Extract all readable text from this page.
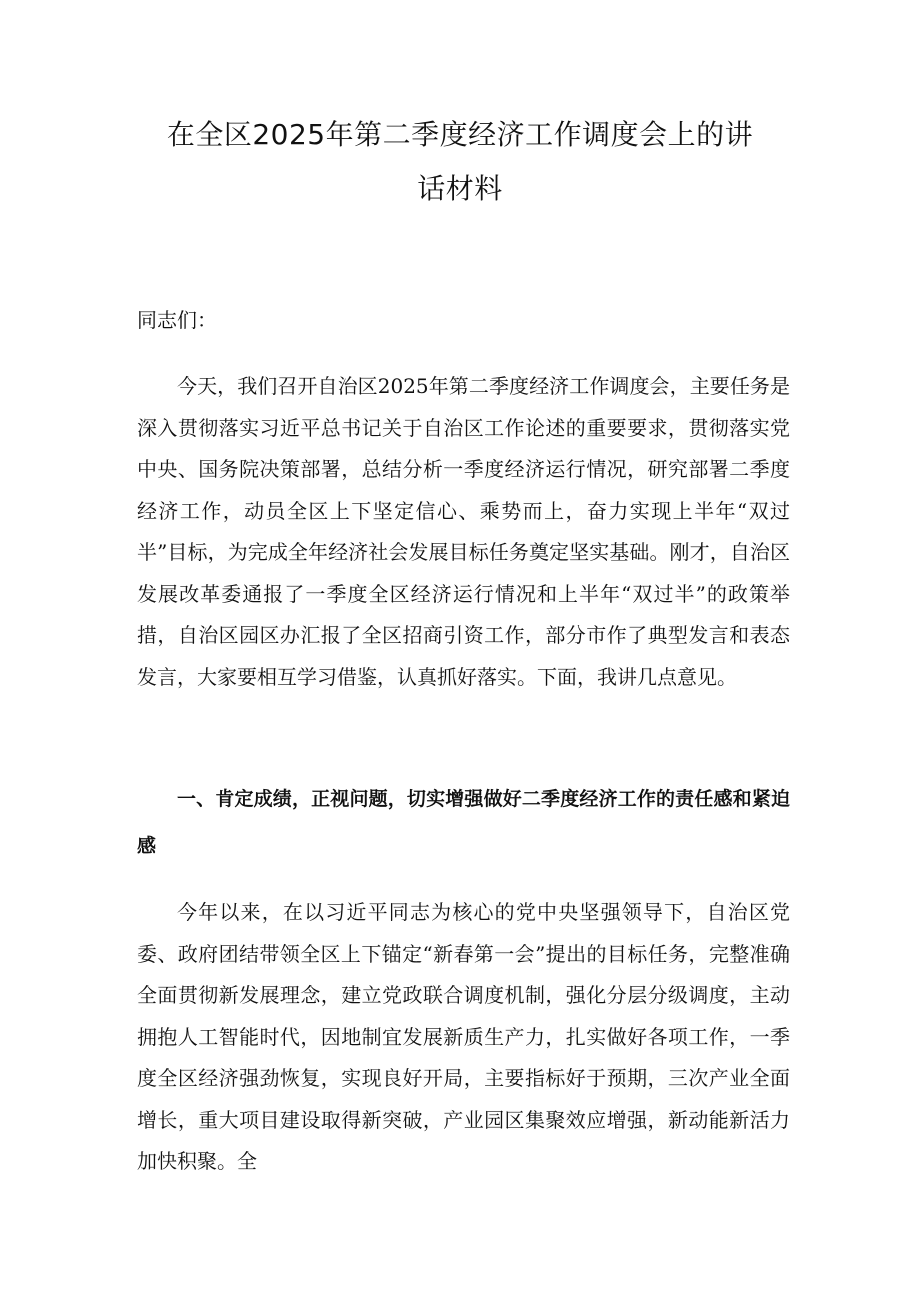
在全区2025年第二季度经济工作调度会上的讲话材料

同志们：

今天，我们召开自治区2025年第二季度经济工作调度会，主要任务是深入贯彻落实习近平总书记关于自治区工作论述的重要要求，贯彻落实党中央、国务院决策部署，总结分析一季度经济运行情况，研究部署二季度经济工作，动员全区上下坚定信心、乘势而上，奋力实现上半年“双过半”目标，为完成全年经济社会发展目标任务奠定坚实基础。刚才，自治区发展改革委通报了一季度全区经济运行情况和上半年“双过半”的政策举措，自治区园区办汇报了全区招商引资工作，部分市作了典型发言和表态发言，大家要相互学习借鉴，认真抓好落实。下面，我讲几点意见。

一、肯定成绩，正视问题，切实增强做好二季度经济工作的责任感和紧迫感

今年以来，在以习近平同志为核心的党中央坚强领导下，自治区党委、政府团结带领全区上下锚定“新春第一会”提出的目标任务，完整准确全面贯彻新发展理念，建立党政联合调度机制，强化分层分级调度，主动拥抱人工智能时代，因地制宜发展新质生产力，扎实做好各项工作，一季度全区经济强劲恢复，实现良好开局，主要指标好于预期，三次产业全面增长，重大项目建设取得新突破，产业园区集聚效应增强，新动能新活力加快积聚。全
